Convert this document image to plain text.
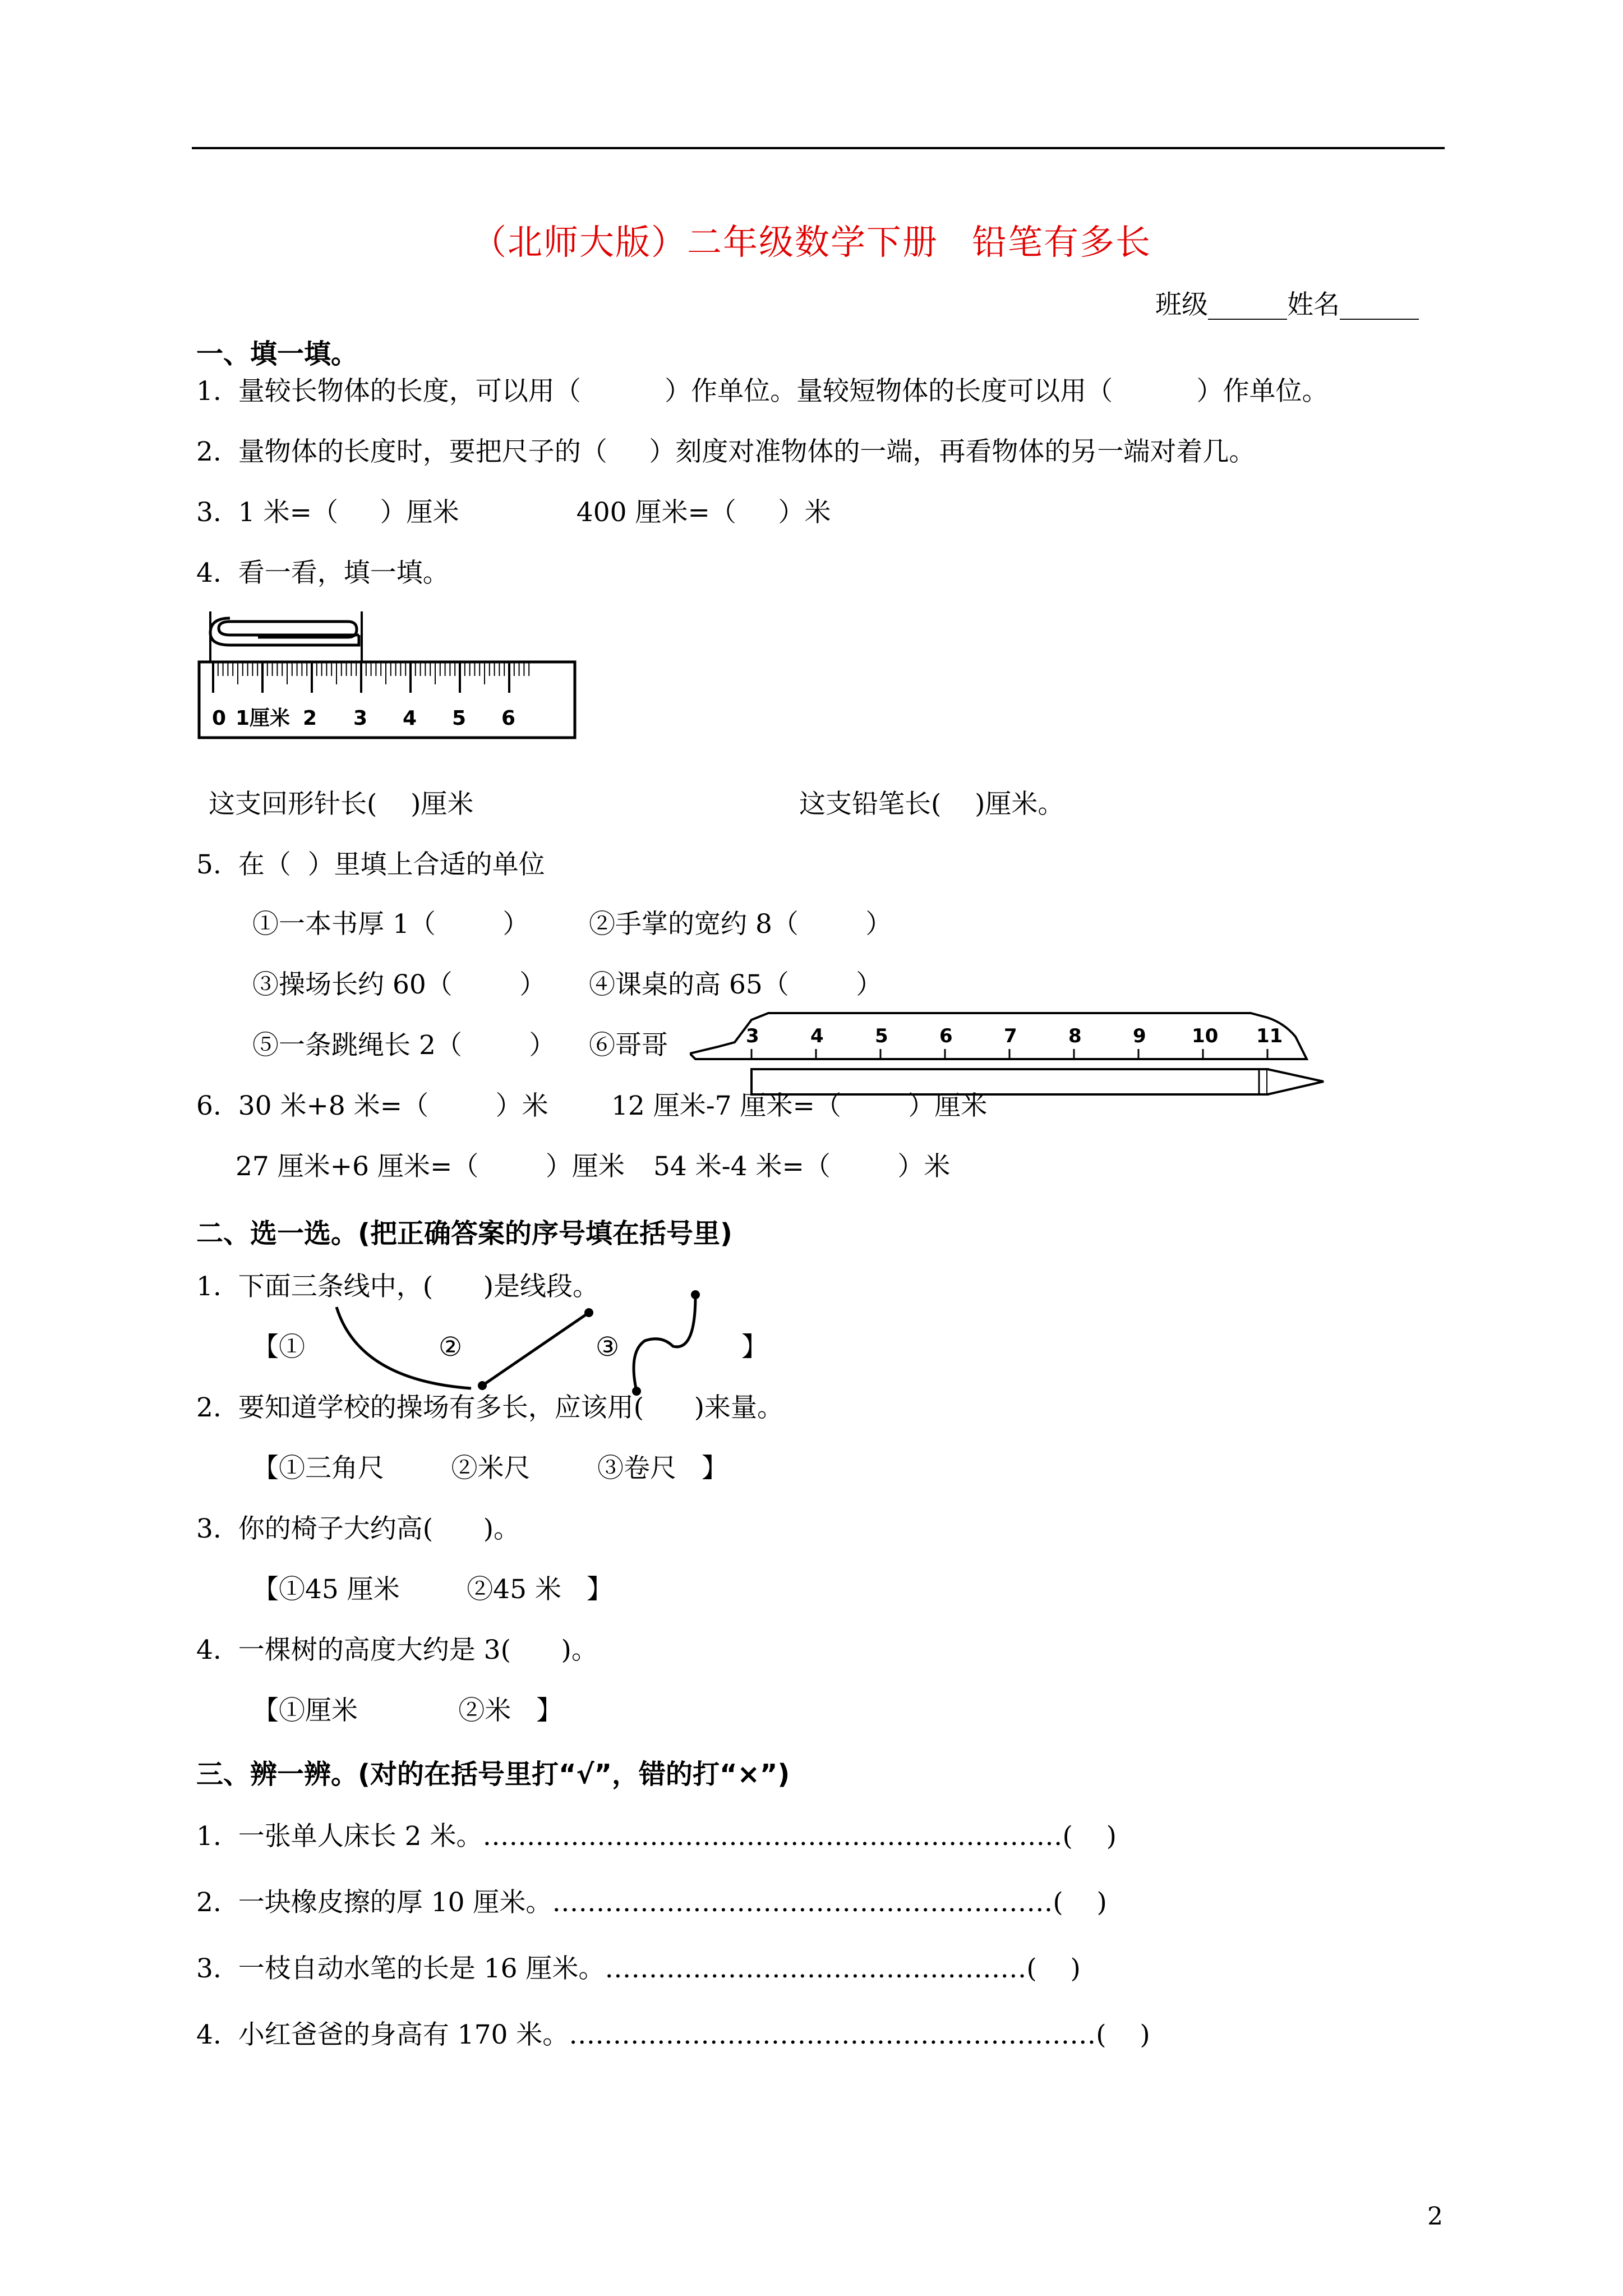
（北师大版）二年级数学下册 铅笔有多长
班级______姓名______
一、填一填。
1.  量较长物体的长度，可以用（          ）作单位。量较短物体的长度可以用（          ）作单位。
2.  量物体的长度时，要把尺子的（     ）刻度对准物体的一端，再看物体的另一端对着几。
3.  1 米=（     ）厘米              400 厘米=（     ）米
4.  看一看，填一填。
0 1厘米 2 3 4 5 6
这支回形针长(    )厘米	这支铅笔长(    )厘米。
5.  在（  ）里填上合适的单位
①一本书厚 1（        ） ②手掌的宽约 8（        ）
③操场长约 60（        ） ④课桌的高 65（        ）
⑤一条跳绳长 2（        ） ⑥哥哥	3	4	5	6	7	8	9 10 11
6.  30 米+8 米=（        ）米 12 厘米-7 厘米=（        ）厘米
27 厘米+6 厘米=（        ）厘米 54 米-4 米=（        ）米
二、选一选。(把正确答案的序号填在括号里)
1.  下面三条线中，(      )是线段。
【①	②	③	】
2.  要知道学校的操场有多长，应该用(      )来量。
【①三角尺        ②米尺        ③卷尺   】
3.  你的椅子大约高(      )。
【①45 厘米        ②45 米   】
4.  一棵树的高度大约是 3(      )。
【①厘米            ②米   】
三、辨一辨。(对的在括号里打“√”，错的打“×”)
1.  一张单人床长 2 米。…………………………………………………………(    )
2.  一块橡皮擦的厚 10 厘米。…………………………………………………(    )
3.  一枝自动水笔的长是 16 厘米。…………………………………………(    )
4.  小红爸爸的身高有 170 米。……………………………………………………(    )
2
